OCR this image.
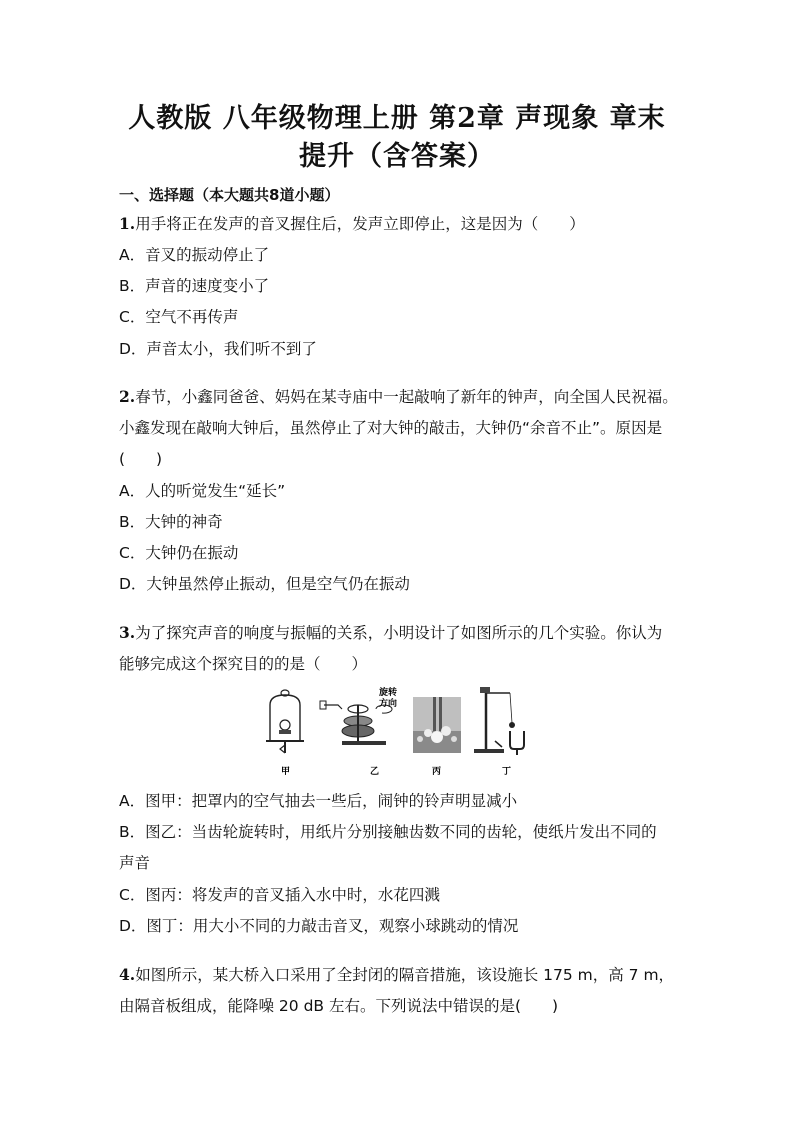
人教版 八年级物理上册 第2章 声现象 章末
提升（含答案）
一、选择题（本大题共8道小题）
1.用手将正在发声的音叉握住后，发声立即停止，这是因为（　　）
A．音叉的振动停止了
B．声音的速度变小了
C．空气不再传声
D．声音太小，我们听不到了
2.春节，小鑫同爸爸、妈妈在某寺庙中一起敲响了新年的钟声，向全国人民祝福。
小鑫发现在敲响大钟后，虽然停止了对大钟的敲击，大钟仍“余音不止”。原因是
(　　)
A．人的听觉发生“延长”
B．大钟的神奇
C．大钟仍在振动
D．大钟虽然停止振动，但是空气仍在振动
3.为了探究声音的响度与振幅的关系，小明设计了如图所示的几个实验。你认为
能够完成这个探究目的的是（　　）
甲
旋转
方向
乙	丙	丁
A．图甲：把罩内的空气抽去一些后，闹钟的铃声明显减小
B．图乙：当齿轮旋转时，用纸片分别接触齿数不同的齿轮，使纸片发出不同的
声音
C．图丙：将发声的音叉插入水中时，水花四溅
D．图丁：用大小不同的力敲击音叉，观察小球跳动的情况
4.如图所示，某大桥入口采用了全封闭的隔音措施，该设施长 175 m，高 7 m，
由隔音板组成，能降噪 20 dB 左右。下列说法中错误的是(　　)
